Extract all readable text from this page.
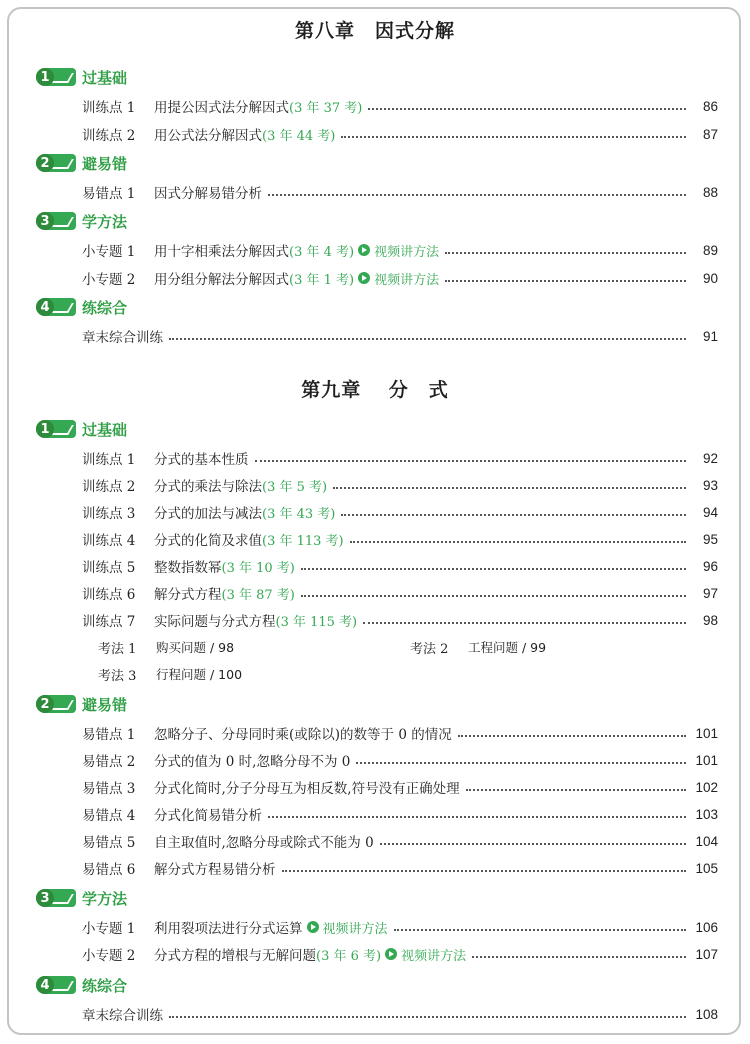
第八章　因式分解
1 过基础
训练点 1	用提公因式法分解因式 (3 年 37 考)	86
训练点 2	用公式法分解因式 (3 年 44 考)	87
2 避易错
易错点 1	因式分解易错分析	88
3 学方法
小专题 1	用十字相乘法分解因式 (3 年 4 考) 视频讲方法	89
小专题 2	用分组分解法分解因式 (3 年 1 考) 视频讲方法	90
4 练综合
章末综合训练	91
第九章　 分　式
1 过基础
训练点 1	分式的基本性质	92
训练点 2	分式的乘法与除法 (3 年 5 考)	93
训练点 3	分式的加法与减法 (3 年 43 考)	94
训练点 4	分式的化简及求值 (3 年 113 考)	95
训练点 5	整数指数幂 (3 年 10 考)	96
训练点 6	解分式方程 (3 年 87 考)	97
训练点 7	实际问题与分式方程 (3 年 115 考)	98
考法 1	购买问题 / 98	考法 2	工程问题 / 99
考法 3	行程问题 / 100
2 避易错
易错点 1	忽略分子、分母同时乘(或除以)的数等于 0 的情况	101
易错点 2	分式的值为 0 时,忽略分母不为 0	101
易错点 3	分式化简时,分子分母互为相反数,符号没有正确处理	102
易错点 4	分式化简易错分析	103
易错点 5	自主取值时,忽略分母或除式不能为 0	104
易错点 6	解分式方程易错分析	105
3 学方法
小专题 1	利用裂项法进行分式运算 视频讲方法	106
小专题 2	分式方程的增根与无解问题 (3 年 6 考) 视频讲方法	107
4 练综合
章末综合训练	108
